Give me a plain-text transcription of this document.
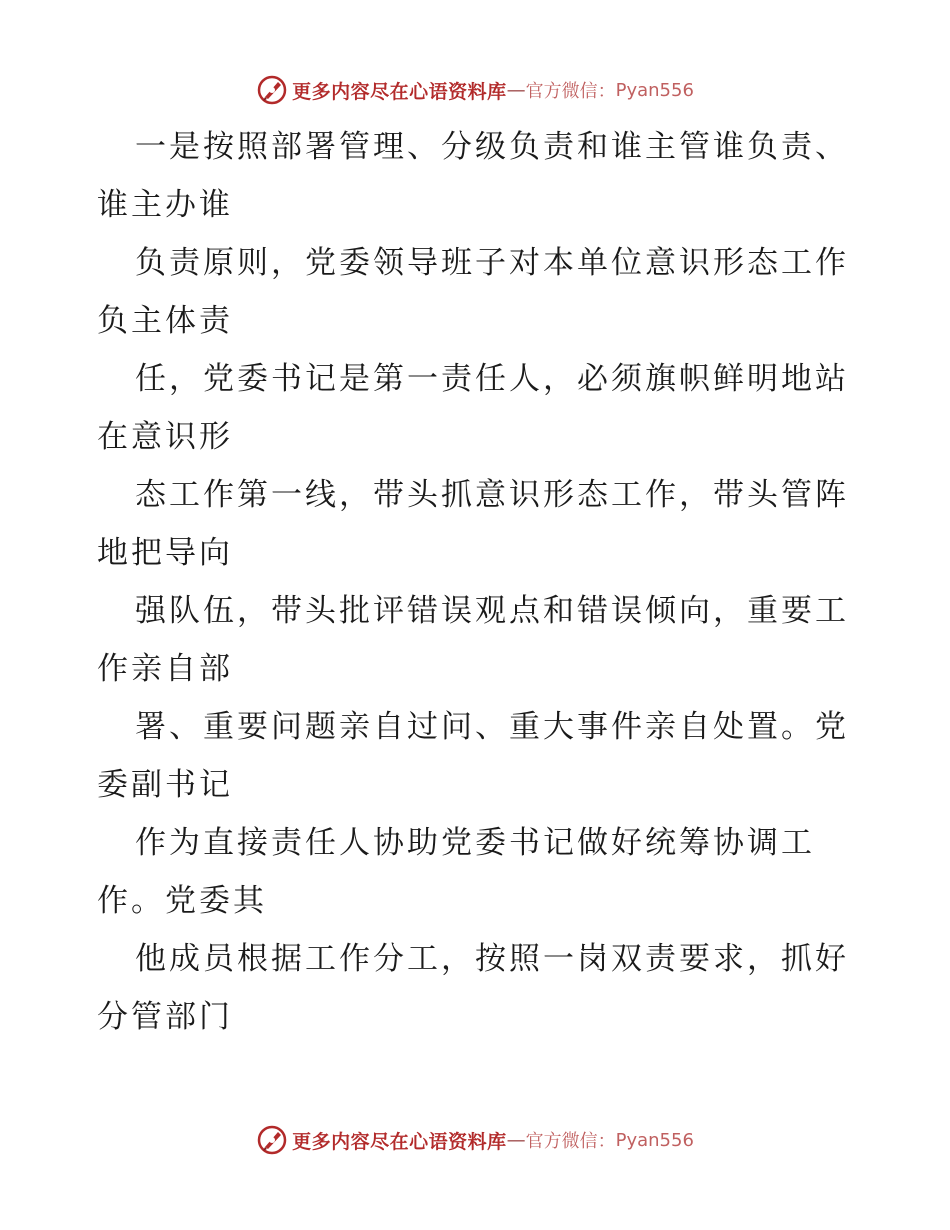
更多内容尽在心语资料库 — 官方微信： Pyan556
一是按照部署管理、分级负责和谁主管谁负责、
谁主办谁
负责原则，党委领导班子对本单位意识形态工作
负主体责
任，党委书记是第一责任人，必须旗帜鲜明地站
在意识形
态工作第一线，带头抓意识形态工作，带头管阵
地把导向
强队伍，带头批评错误观点和错误倾向，重要工
作亲自部
署、重要问题亲自过问、重大事件亲自处置。党
委副书记
作为直接责任人协助党委书记做好统筹协调工
作。党委其
他成员根据工作分工，按照一岗双责要求，抓好
分管部门
更多内容尽在心语资料库 — 官方微信： Pyan556
